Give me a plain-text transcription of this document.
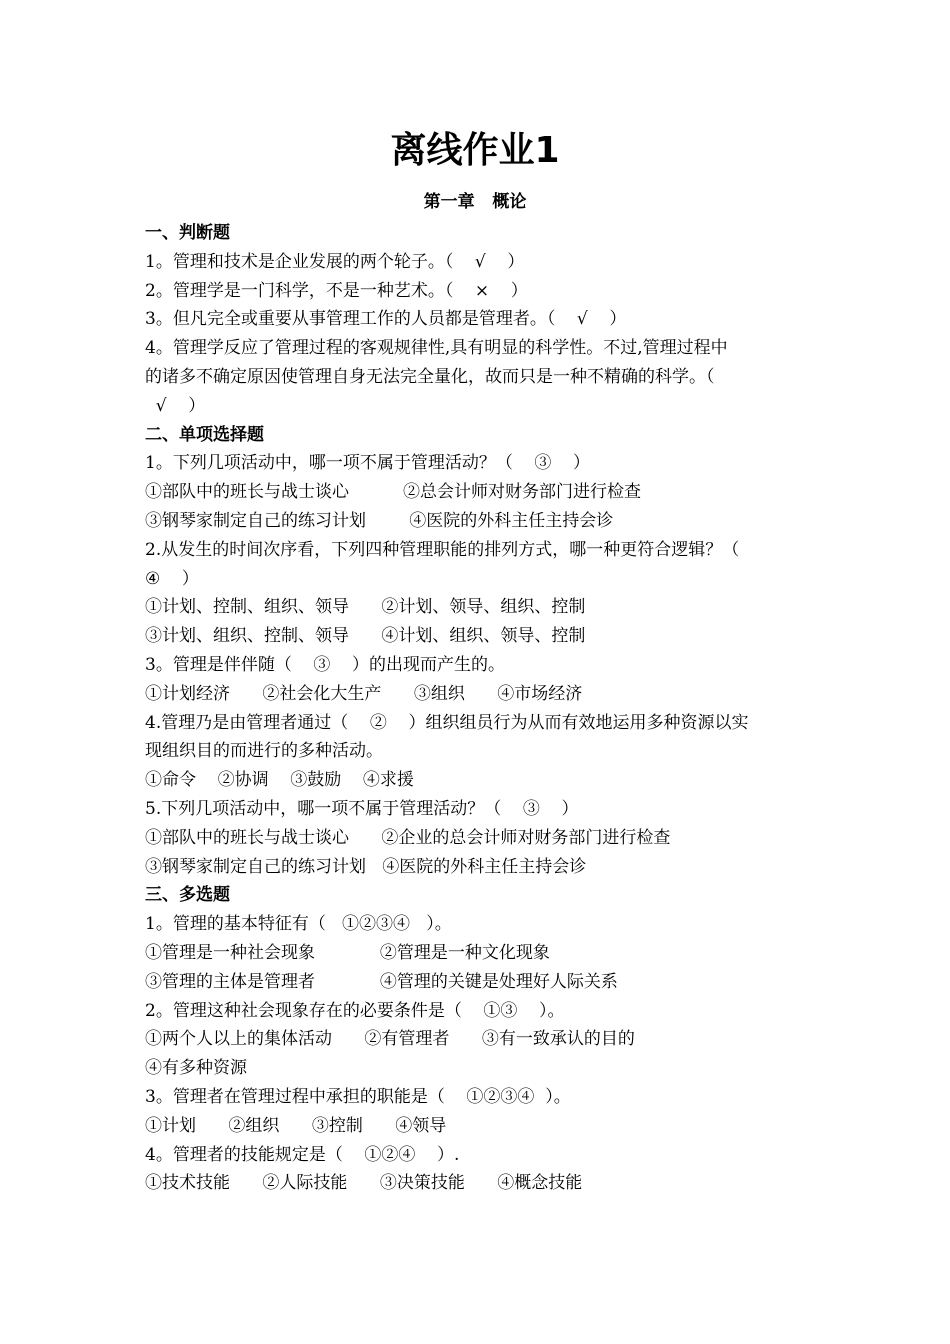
离线作业1
第一章   概论
一、判断题
1。管理和技术是企业发展的两个轮子。（    √    ）
2。管理学是一门科学，不是一种艺术。（    ×    ）
3。但凡完全或重要从事管理工作的人员都是管理者。（    √    ）
4。管理学反应了管理过程的客观规律性,具有明显的科学性。不过,管理过程中
的诸多不确定原因使管理自身无法完全量化，故而只是一种不精确的科学。（
√    ）
二、单项选择题
1。下列几项活动中，哪一项不属于管理活动？（    ③    ）
①部队中的班长与战士谈心          ②总会计师对财务部门进行检查
③钢琴家制定自己的练习计划        ④医院的外科主任主持会诊
2.从发生的时间次序看，下列四种管理职能的排列方式，哪一种更符合逻辑？（
④    ）
①计划、控制、组织、领导      ②计划、领导、组织、控制
③计划、组织、控制、领导      ④计划、组织、领导、控制
3。管理是伴伴随（    ③    ）的出现而产生的。
①计划经济      ②社会化大生产      ③组织      ④市场经济
4.管理乃是由管理者通过（    ②    ）组织组员行为从而有效地运用多种资源以实
现组织目的而进行的多种活动。
①命令    ②协调    ③鼓励    ④求援
5.下列几项活动中，哪一项不属于管理活动？（    ③    ）
①部队中的班长与战士谈心      ②企业的总会计师对财务部门进行检查
③钢琴家制定自己的练习计划   ④医院的外科主任主持会诊
三、多选题
1。管理的基本特征有（   ①②③④   ）。
①管理是一种社会现象            ②管理是一种文化现象
③管理的主体是管理者            ④管理的关键是处理好人际关系
2。管理这种社会现象存在的必要条件是（    ①③    ）。
①两个人以上的集体活动      ②有管理者      ③有一致承认的目的
④有多种资源
3。管理者在管理过程中承担的职能是（    ①②③④  ）。
①计划      ②组织      ③控制      ④领导
4。管理者的技能规定是（    ①②④    ）.
①技术技能      ②人际技能      ③决策技能      ④概念技能
